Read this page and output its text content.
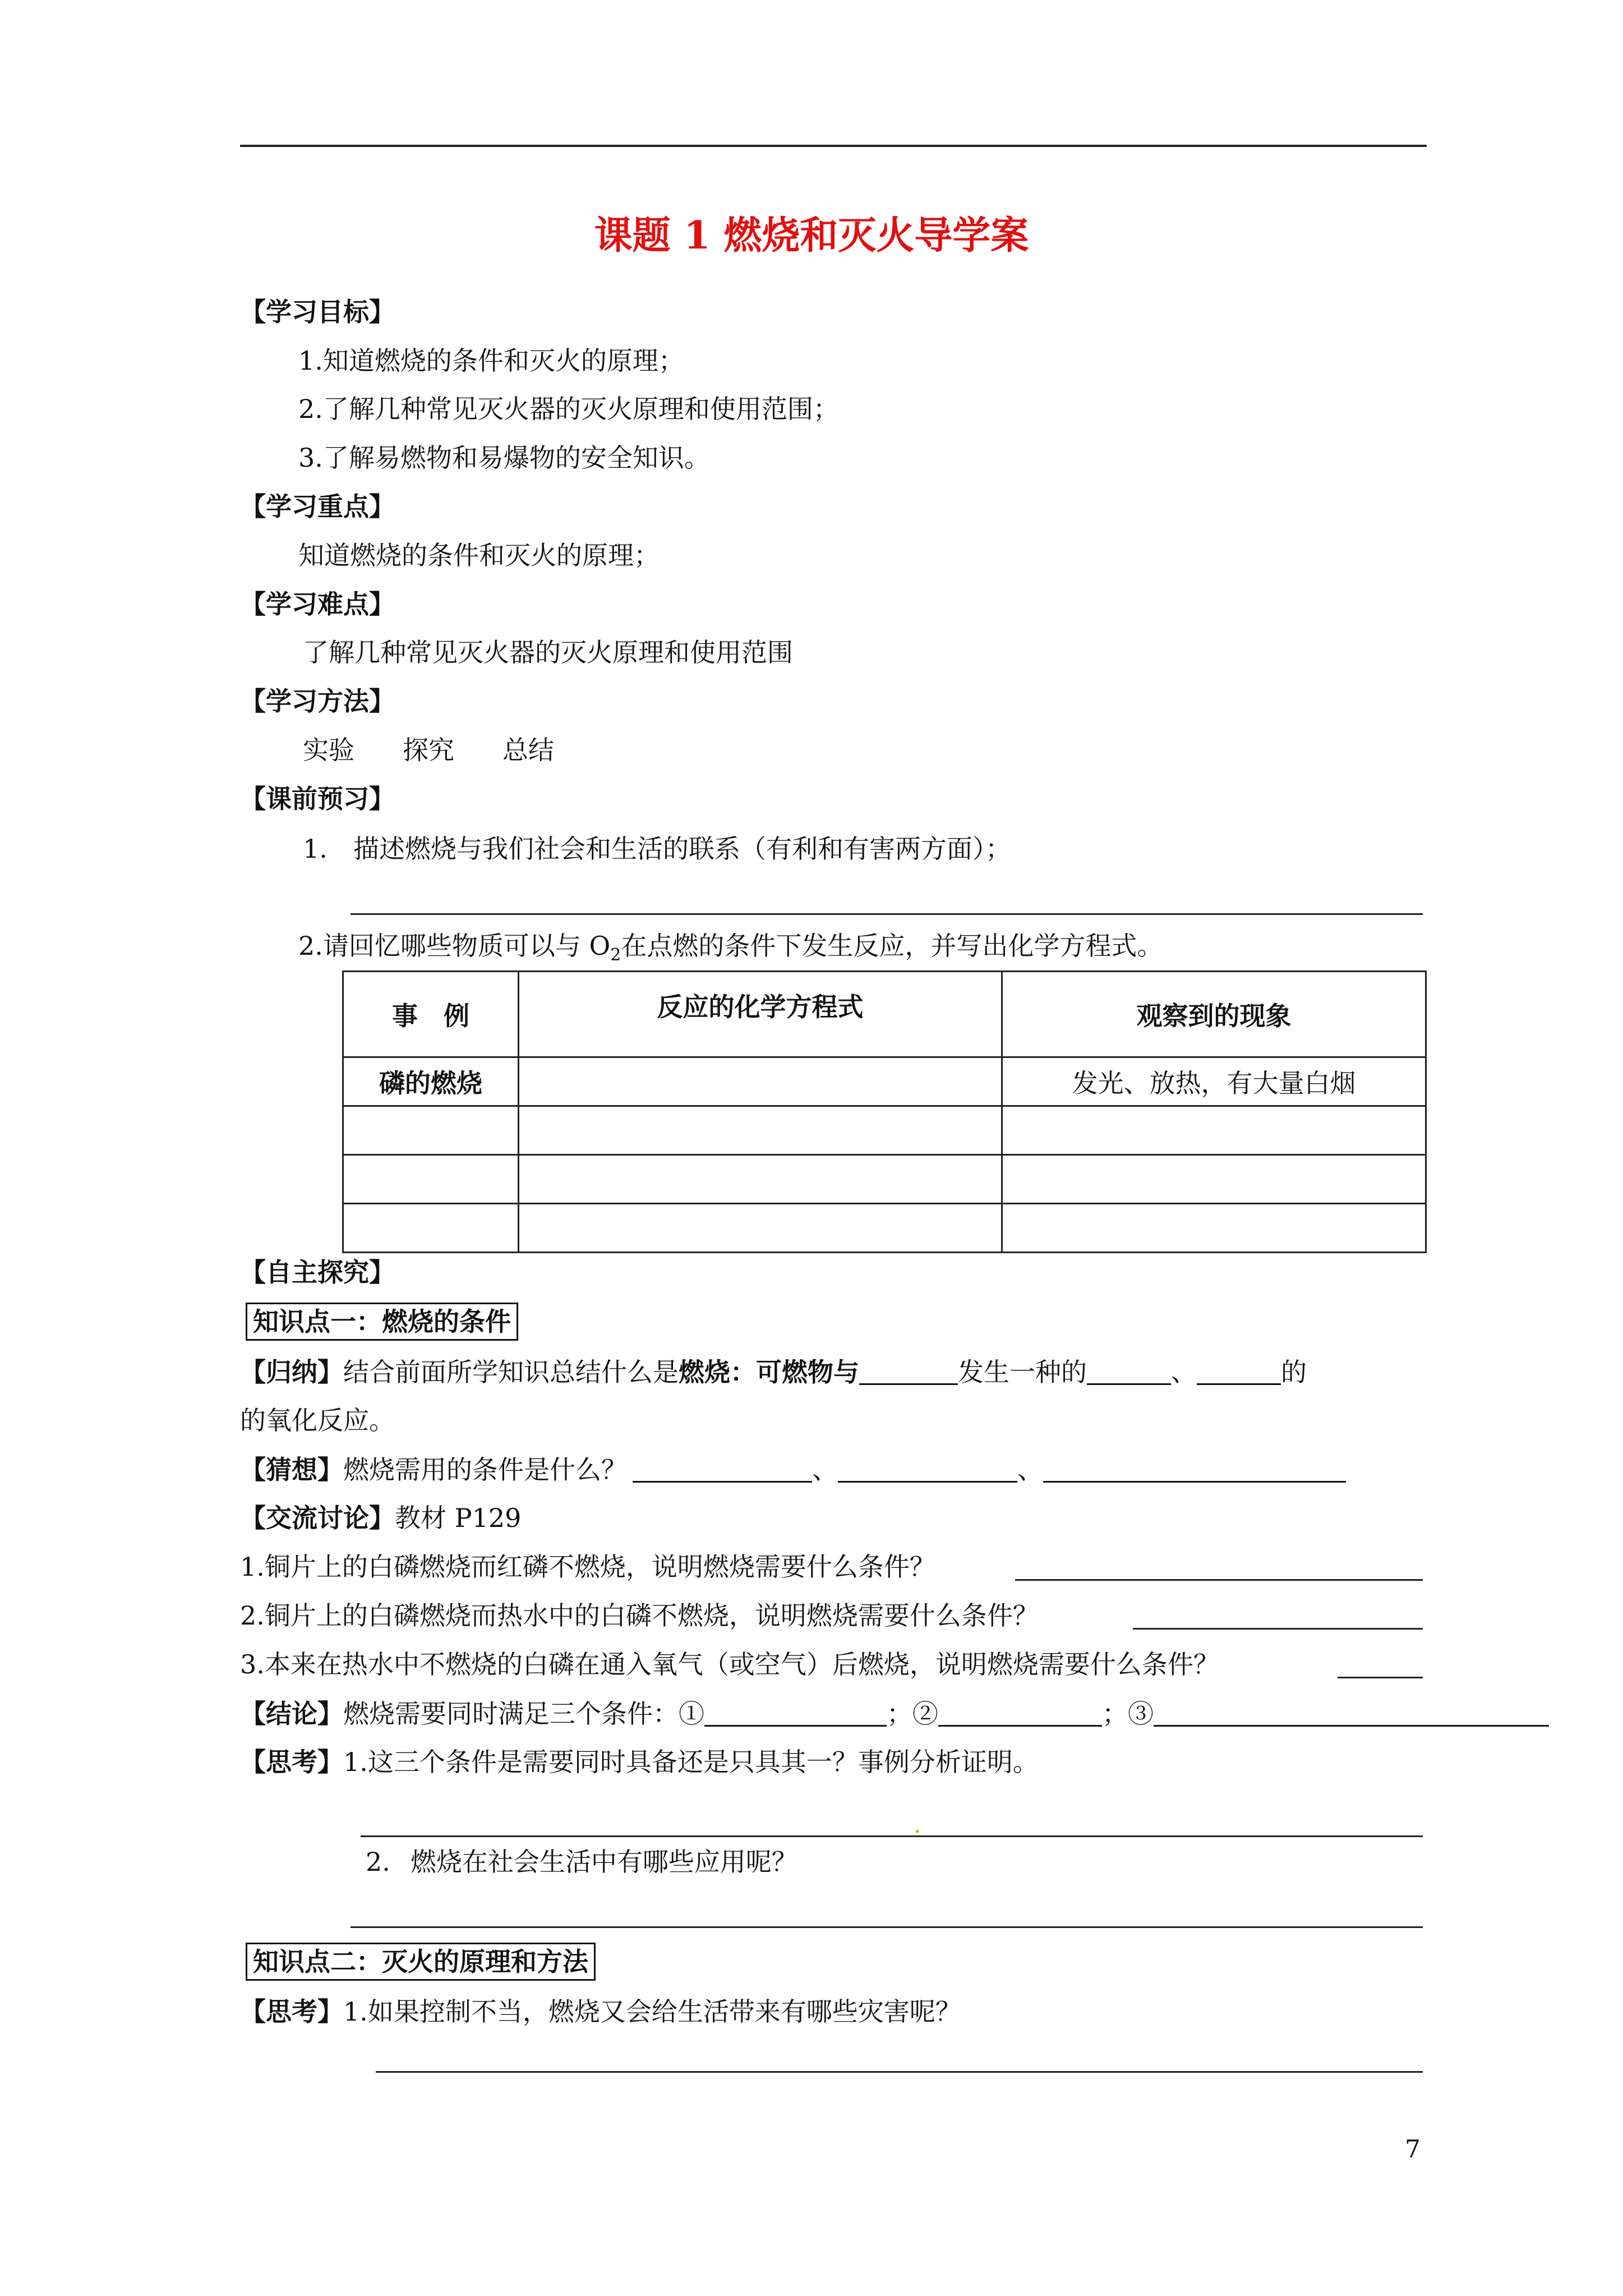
课题 1 燃烧和灭火导学案
【学习目标】
1.知道燃烧的条件和灭火的原理；
2.了解几种常见灭火器的灭火原理和使用范围；
3.了解易燃物和易爆物的安全知识。
【学习重点】
知道燃烧的条件和灭火的原理；
【学习难点】
了解几种常见灭火器的灭火原理和使用范围
【学习方法】
实验 探究 总结
【课前预习】
1. 描述燃烧与我们社会和生活的联系（有利和有害两方面）；
2.请回忆哪些物质可以与 $O_2$在点燃的条件下发生反应，并写出化学方程式。
事　例	反应的化学方程式	观察到的现象
磷的燃烧		发光、放热，有大量白烟

【自主探究】
知识点一：燃烧的条件
【归纳】结合前面所学知识总结什么是燃烧：可燃物与	发生一种的	、	的
的氧化反应。
【猜想】燃烧需用的条件是什么？	、	、
【交流讨论】教材 P129
1.铜片上的白磷燃烧而红磷不燃烧，说明燃烧需要什么条件？
2.铜片上的白磷燃烧而热水中的白磷不燃烧，说明燃烧需要什么条件？
3.本来在热水中不燃烧的白磷在通入氧气（或空气）后燃烧，说明燃烧需要什么条件？
【结论】燃烧需要同时满足三个条件：①	；②	；③
【思考】1.这三个条件是需要同时具备还是只具其一？事例分析证明。
2. 燃烧在社会生活中有哪些应用呢？
知识点二：灭火的原理和方法
【思考】1.如果控制不当，燃烧又会给生活带来有哪些灾害呢？
7
